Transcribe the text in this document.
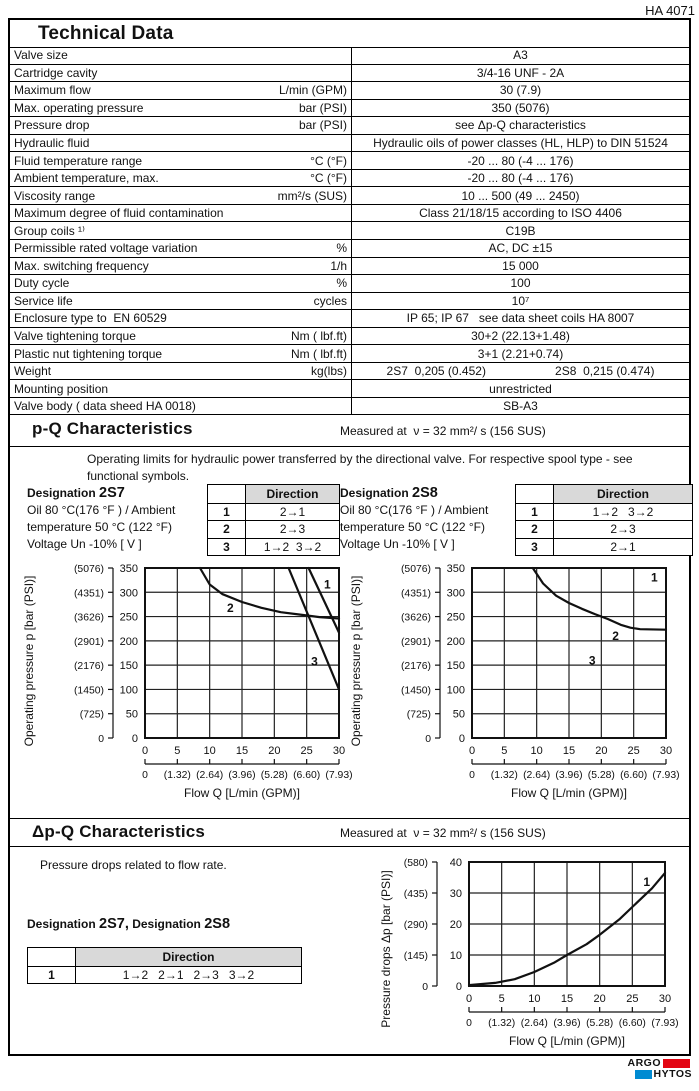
HA 4071
Technical Data
Valve size	A3
Cartridge cavity	3/4-16 UNF - 2A
Maximum flow	L/min (GPM)	30 (7.9)
Max. operating pressure	bar (PSI)	350 (5076)
Pressure drop	bar (PSI)	see Δp-Q characteristics
Hydraulic fluid	Hydraulic oils of power classes (HL, HLP) to DIN 51524
Fluid temperature range	°C (°F)	-20 ... 80 (-4 ... 176)
Ambient temperature, max.	°C (°F)	-20 ... 80 (-4 ... 176)
Viscosity range	mm²/s (SUS)	10 ... 500 (49 ... 2450)
Maximum degree of fluid contamination	Class 21/18/15 according to ISO 4406
Group coils ¹⁾	C19B
Permissible rated voltage variation	%	AC, DC ±15
Max. switching frequency	1/h	15 000
Duty cycle	%	100
Service life	cycles	10⁷
Enclosure type to  EN 60529	IP 65; IP 67   see data sheet coils HA 8007
Valve tightening torque	Nm ( lbf.ft)	30+2 (22.13+1.48)
Plastic nut tightening torque	Nm ( lbf.ft)	3+1 (2.21+0.74)
Weight	kg(lbs)	2S7  0,205 (0.452)	2S8  0,215 (0.474)
Mounting position	unrestricted
Valve body ( data sheed HA 0018)	SB-A3
p-Q Characteristics	Measured at  ν = 32 mm²/ s (156 SUS)
Operating limits for hydraulic power transferred by the directional valve. For respective spool type - see
functional symbols.
Designation 2S7
Oil 80 °C(176 °F ) / Ambient
temperature 50 °C (122 °F)
Voltage Un -10% [ V ]
Direction
1	2→1
2	2→3
3	1→2  3→2
Designation 2S8
Oil 80 °C(176 °F ) / Ambient
temperature 50 °C (122 °F)
Voltage Un -10% [ V ]
Direction
1	1→2   3→2
2	2→3
3	2→1
2
3
1
0
0
50
(725)
100
(1450)
150
(2176)
200
(2901)
250
(3626)
300
(4351)
350
(5076)
0
0
5
(1.32)
10
(2.64)
15
(3.96)
20
(5.28)
25
(6.60)
30
(7.93)
Flow Q [L/min (GPM)]
Operating pressure p [bar (PSI)]	2
1
3
0
0
50
(725)
100
(1450)
150
(2176)
200
(2901)
250
(3626)
300
(4351)
350
(5076)
0
0
5
(1.32)
10
(2.64)
15
(3.96)
20
(5.28)
25
(6.60)
30
(7.93)
Flow Q [L/min (GPM)]
Operating pressure p [bar (PSI)]
Δp-Q Characteristics	Measured at  ν = 32 mm²/ s (156 SUS)
Pressure drops related to flow rate.
Designation 2S7, Designation 2S8
Direction
1	1→2   2→1   2→3   3→2
1
0
0
10
(145)
20
(290)
30
(435)
40
(580)
0
0
5
(1.32)
10
(2.64)
15
(3.96)
20
(5.28)
25
(6.60)
30
(7.93)
Flow Q [L/min (GPM)]
Pressure drops Δp [bar (PSI)]
ARGO
HYTOS
